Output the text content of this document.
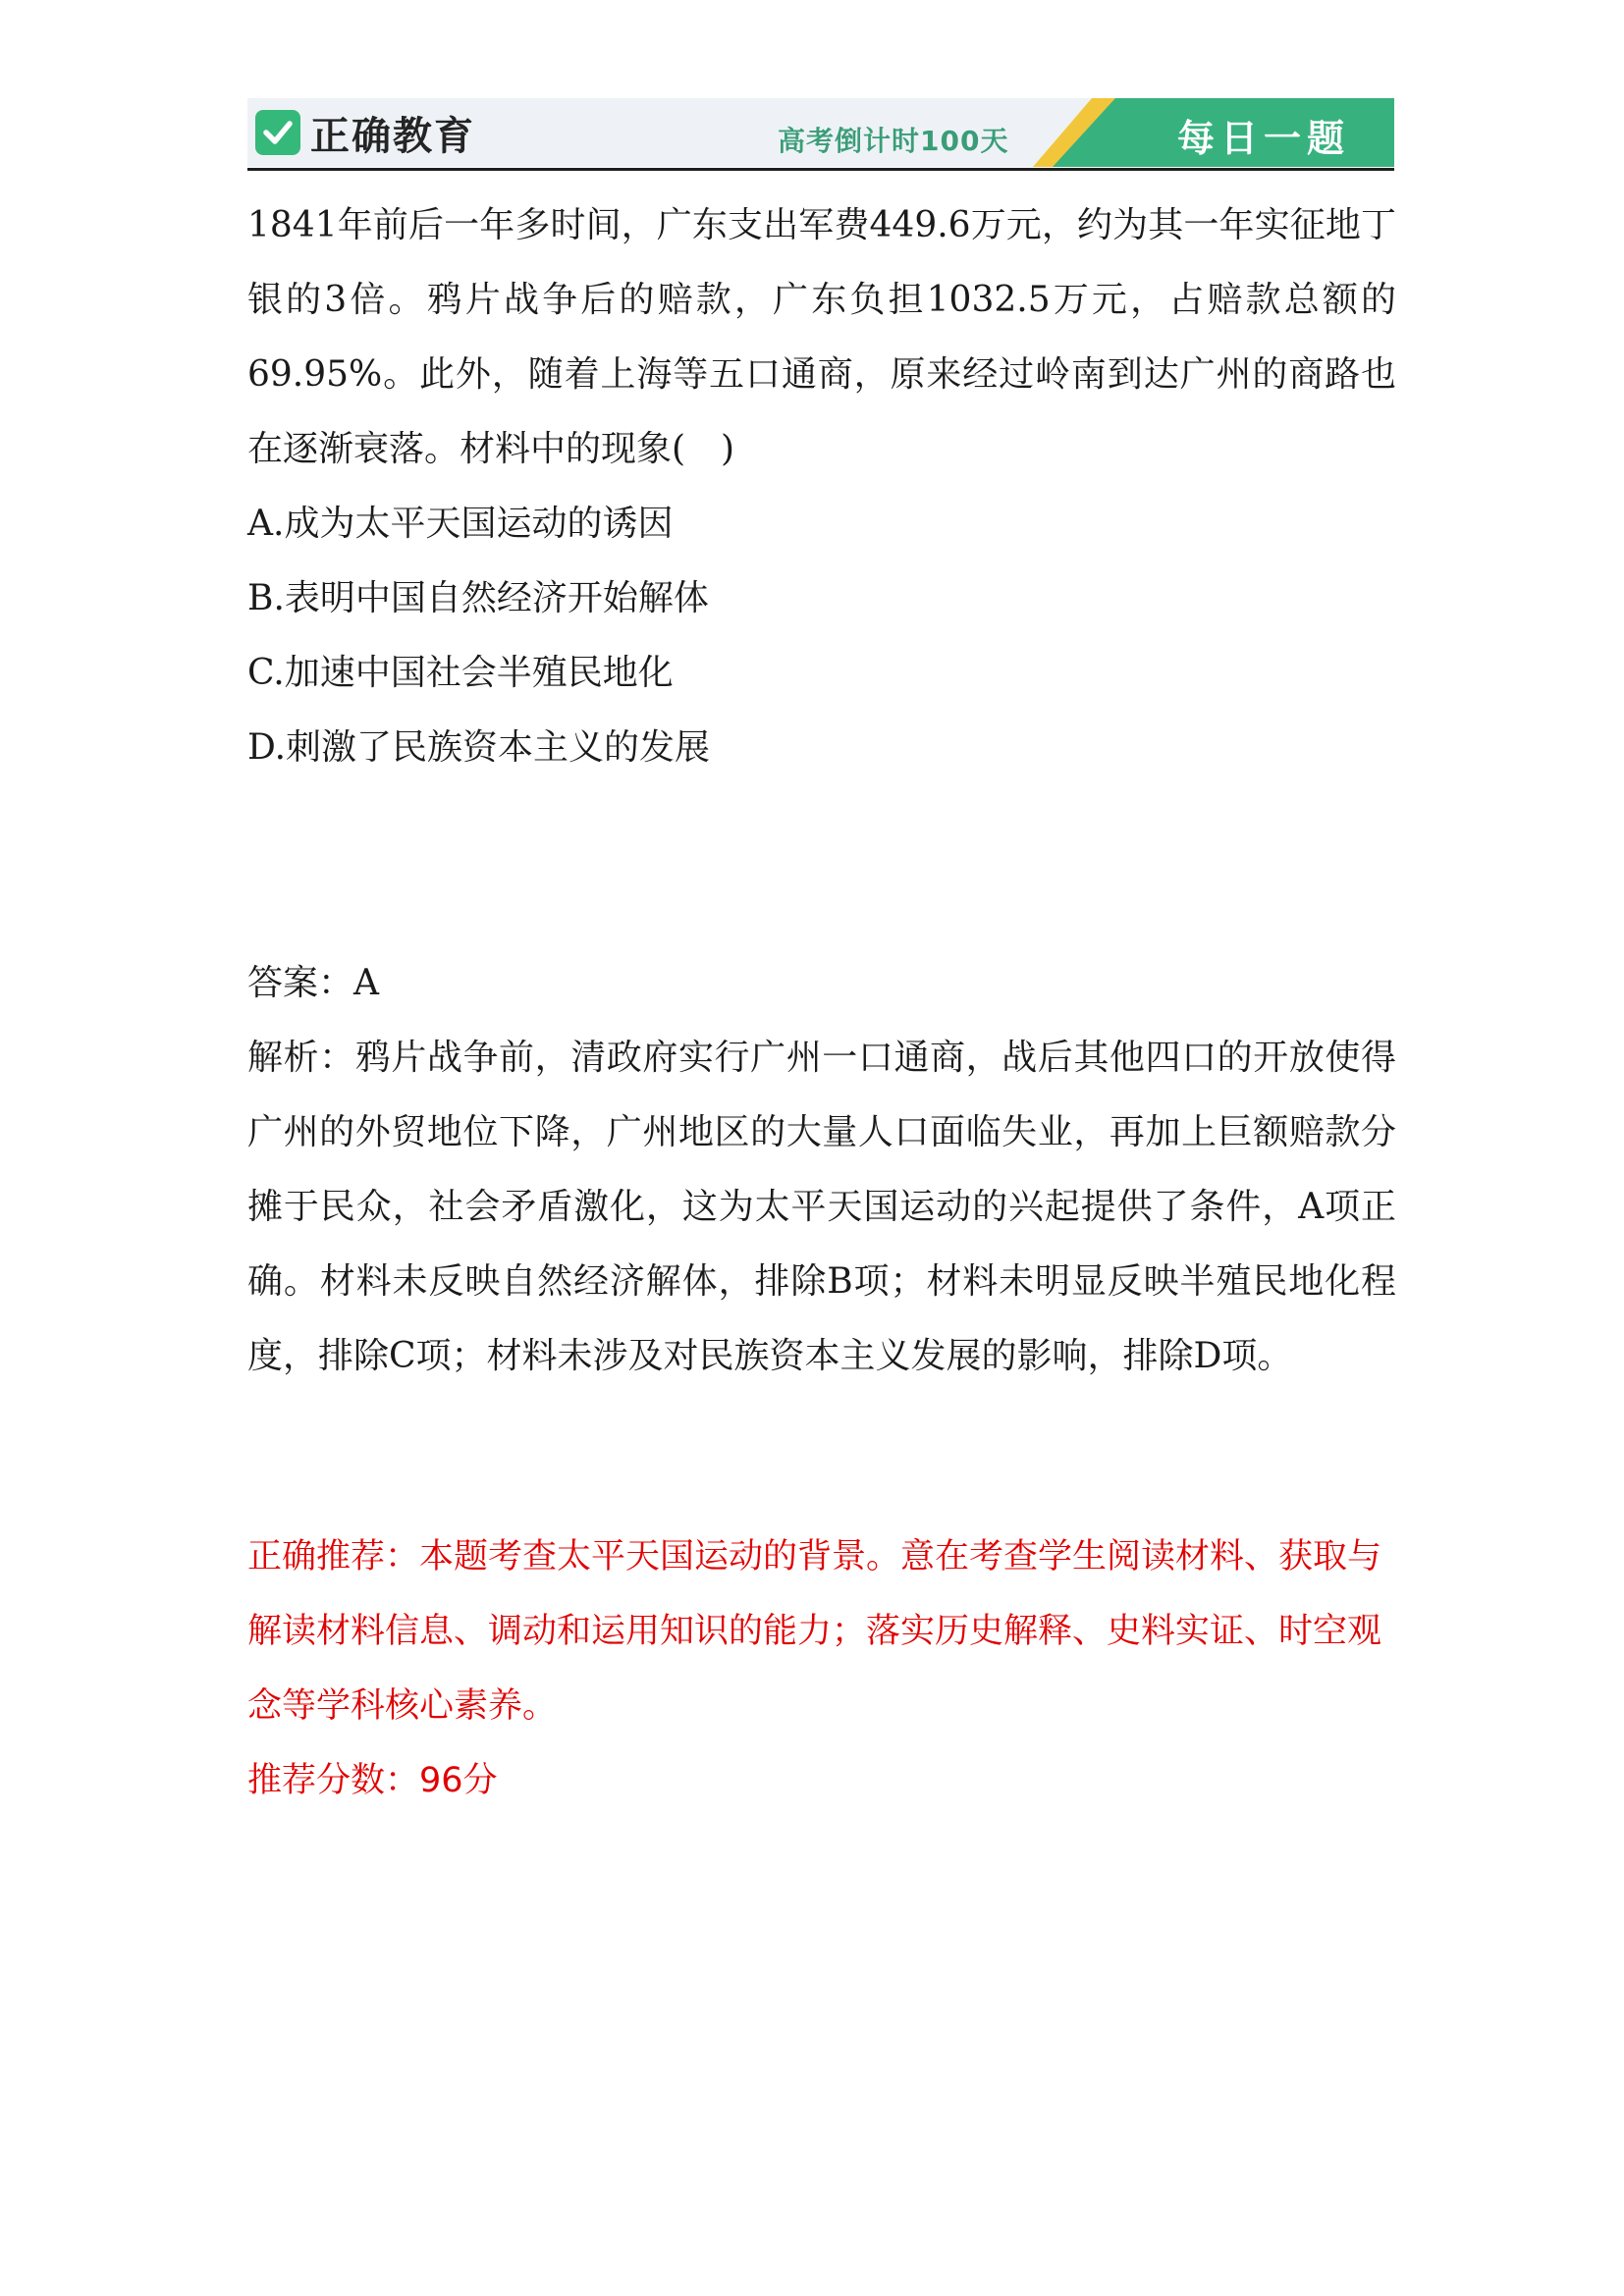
正确教育	高考倒计时100天	每日一题

1841年前后一年多时间，广东支出军费449.6万元，约为其一年实征地丁银的3倍。鸦片战争后的赔款，广东负担1032.5万元，占赔款总额的69.95%。此外，随着上海等五口通商，原来经过岭南到达广州的商路也在逐渐衰落。材料中的现象(　)

A.成为太平天国运动的诱因
B.表明中国自然经济开始解体
C.加速中国社会半殖民地化
D.刺激了民族资本主义的发展

答案：A

解析：鸦片战争前，清政府实行广州一口通商，战后其他四口的开放使得广州的外贸地位下降，广州地区的大量人口面临失业，再加上巨额赔款分摊于民众，社会矛盾激化，这为太平天国运动的兴起提供了条件，A项正确。材料未反映自然经济解体，排除B项；材料未明显反映半殖民地化程度，排除C项；材料未涉及对民族资本主义发展的影响，排除D项。

正确推荐：本题考查太平天国运动的背景。意在考查学生阅读材料、获取与解读材料信息、调动和运用知识的能力；落实历史解释、史料实证、时空观念等学科核心素养。

推荐分数：96分
